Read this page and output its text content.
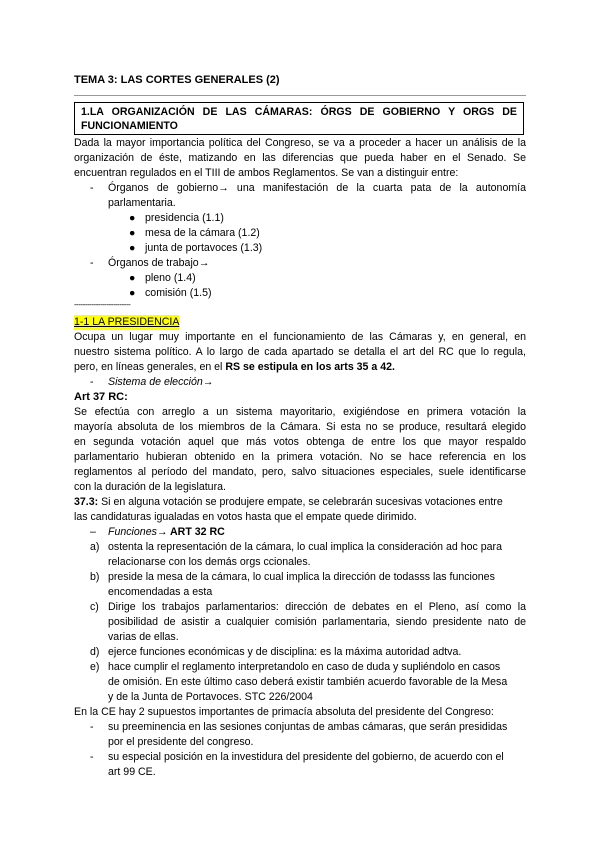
TEMA 3: LAS CORTES GENERALES (2)
1.LA ORGANIZACIÓN DE LAS CÁMARAS: ÓRGS DE GOBIERNO Y ORGS DE FUNCIONAMIENTO
Dada la mayor importancia política del Congreso, se va a proceder a hacer un análisis de la
organización de éste, matizando en las diferencias que pueda haber en el Senado. Se
encuentran regulados en el TIII de ambos Reglamentos. Se van a distinguir entre:
- Órganos de gobierno→ una manifestación de la cuarta pata de la autonomía
parlamentaria.
● presidencia (1.1)
● mesa de la cámara (1.2)
● junta de portavoces (1.3)
- Órganos de trabajo→
● pleno (1.4)
● comisión (1.5)
--------------------------
1-1 LA PRESIDENCIA
Ocupa un lugar muy importante en el funcionamiento de las Cámaras y, en general, en
nuestro sistema político. A lo largo de cada apartado se detalla el art del RC que lo regula,
pero, en líneas generales, en el RS se estipula en los arts 35 a 42.
- Sistema de elección→
Art 37 RC:
Se efectúa con arreglo a un sistema mayoritario, exigiéndose en primera votación la
mayoría absoluta de los miembros de la Cámara. Si esta no se produce, resultará elegido
en segunda votación aquel que más votos obtenga de entre los que mayor respaldo
parlamentario hubieran obtenido en la primera votación. No se hace referencia en los
reglamentos al período del mandato, pero, salvo situaciones especiales, suele identificarse
con la duración de la legislatura.
37.3: Si en alguna votación se produjere empate, se celebrarán sucesivas votaciones entre
las candidaturas igualadas en votos hasta que el empate quede dirimido.
– Funciones→ ART 32 RC
a) ostenta la representación de la cámara, lo cual implica la consideración ad hoc para
relacionarse con los demás orgs ccionales.
b) preside la mesa de la cámara, lo cual implica la dirección de todasss las funciones
encomendadas a esta
c) Dirige los trabajos parlamentarios: dirección de debates en el Pleno, así como la
posibilidad de asistir a cualquier comisión parlamentaria, siendo presidente nato de
varias de ellas.
d) ejerce funciones económicas y de disciplina: es la máxima autoridad adtva.
e) hace cumplir el reglamento interpretandolo en caso de duda y supliéndolo en casos
de omisión. En este último caso deberá existir también acuerdo favorable de la Mesa
y de la Junta de Portavoces. STC 226/2004
En la CE hay 2 supuestos importantes de primacía absoluta del presidente del Congreso:
- su preeminencia en las sesiones conjuntas de ambas cámaras, que serán presididas
por el presidente del congreso.
- su especial posición en la investidura del presidente del gobierno, de acuerdo con el
art 99 CE.
